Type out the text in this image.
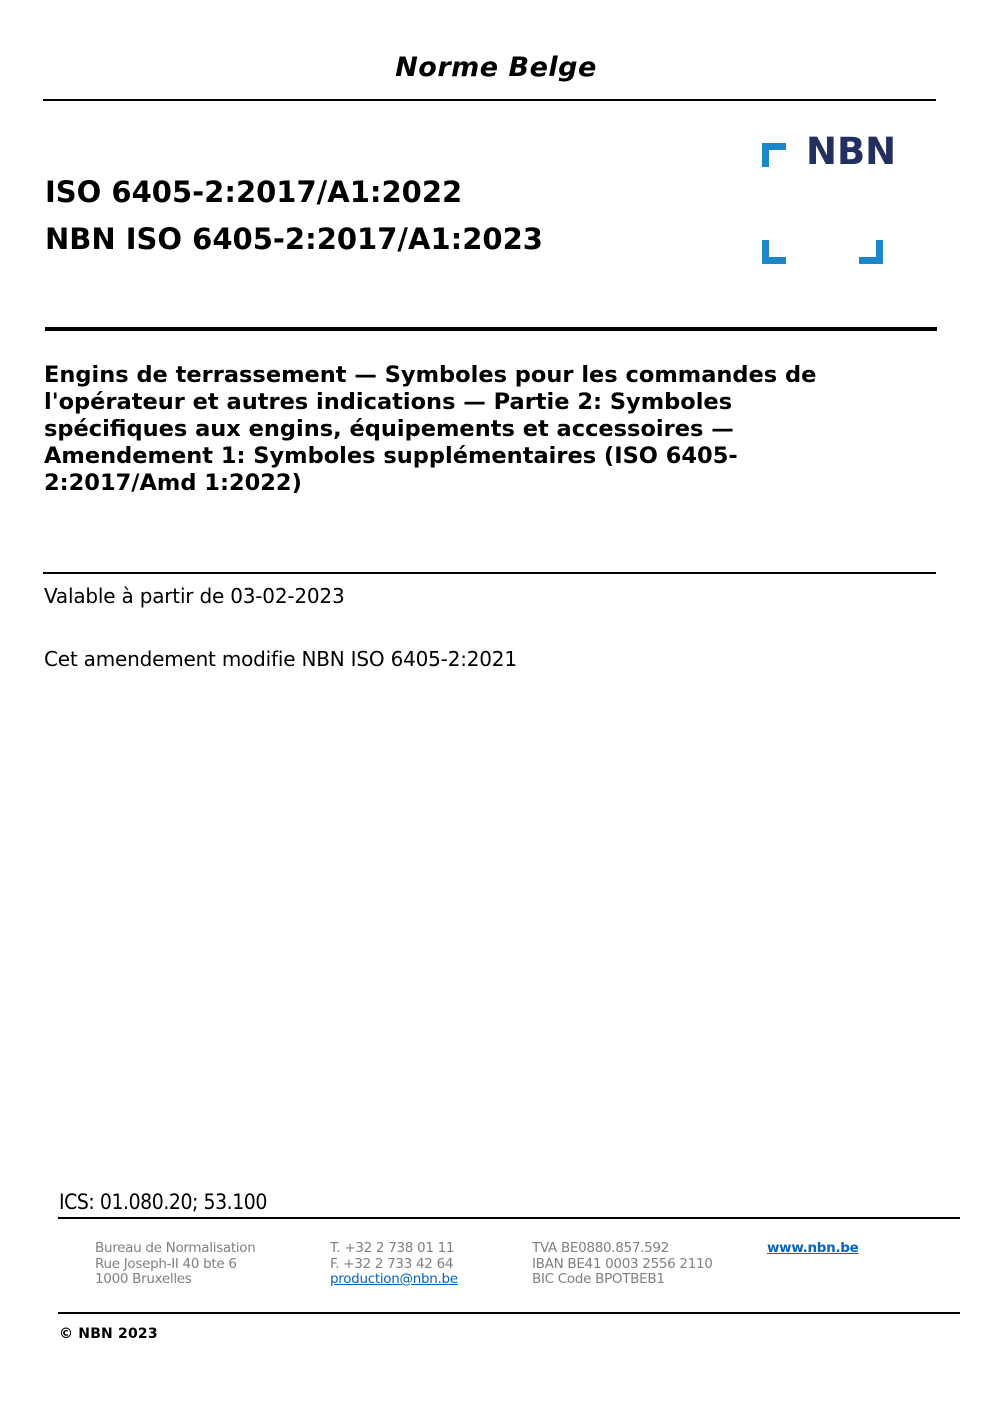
Norme Belge
NBN
ISO 6405-2:2017/A1:2022
NBN ISO 6405-2:2017/A1:2023
Engins de terrassement — Symboles pour les commandes de l'opérateur et autres indications — Partie 2: Symboles spécifiques aux engins, équipements et accessoires — Amendement 1: Symboles supplémentaires (ISO 6405-2:2017/Amd 1:2022)
Valable à partir de 03-02-2023
Cet amendement modifie NBN ISO 6405-2:2021
ICS: 01.080.20; 53.100
Bureau de Normalisation
Rue Joseph-II 40 bte 6
1000 Bruxelles
T. +32 2 738 01 11
F. +32 2 733 42 64
production@nbn.be
TVA BE0880.857.592
IBAN BE41 0003 2556 2110
BIC Code BPOTBEB1
www.nbn.be
© NBN 2023
